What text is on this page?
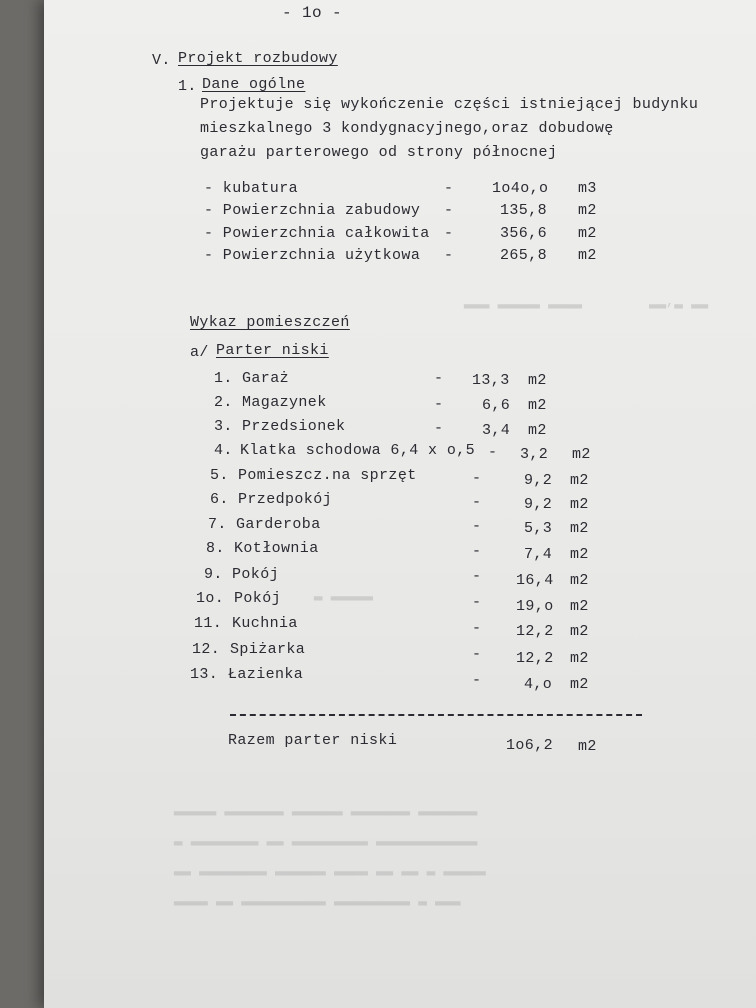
▂▂▂ ▂▂▂▂▂ ▂▂▂▂        ▂▂,▂ ▂▂
▂ ▂▂▂▂▂
▂▂▂▂▂ ▂▂▂▂▂▂▂ ▂▂▂▂▂▂ ▂▂▂▂▂▂▂ ▂▂▂▂▂▂▂
▂ ▂▂▂▂▂▂▂▂ ▂▂ ▂▂▂▂▂▂▂▂▂ ▂▂▂▂▂▂▂▂▂▂▂▂
▂▂ ▂▂▂▂▂▂▂▂ ▂▂▂▂▂▂ ▂▂▂▂ ▂▂ ▂▂ ▂ ▂▂▂▂▂
▂▂▂▂ ▂▂ ▂▂▂▂▂▂▂▂▂▂ ▂▂▂▂▂▂▂▂▂ ▂ ▂▂▂
- 1o -
V. Projekt rozbudowy
1. Dane ogólne
Projektuje się wykończenie części istniejącej budynku
mieszkalnego 3 kondygnacyjnego,oraz dobudowę
garażu parterowego od strony północnej
- kubatura	-	1o4o,o m3
- Powierzchnia zabudowy -	135,8 m2
- Powierzchnia całkowita -	356,6 m2
- Powierzchnia użytkowa -	265,8 m2
Wykaz pomieszczeń
a/ Parter niski
1. Garaż	- 13,3 m2
2. Magazynek	-	6,6 m2
3. Przedsionek	-	3,4 m2
4. Klatka schodowa 6,4 x o,5 - 3,2 m2
5. Pomieszcz.na sprzęt	-	9,2 m2
6. Przedpokój	-	9,2 m2
7. Garderoba	-	5,3 m2
8. Kotłownia	-	7,4 m2
9. Pokój	- 16,4 m2
1o. Pokój	- 19,o m2
11. Kuchnia	- 12,2 m2
12. Spiżarka	- 12,2 m2
13. Łazienka	-	4,o m2
Razem parter niski	1o6,2 m2
